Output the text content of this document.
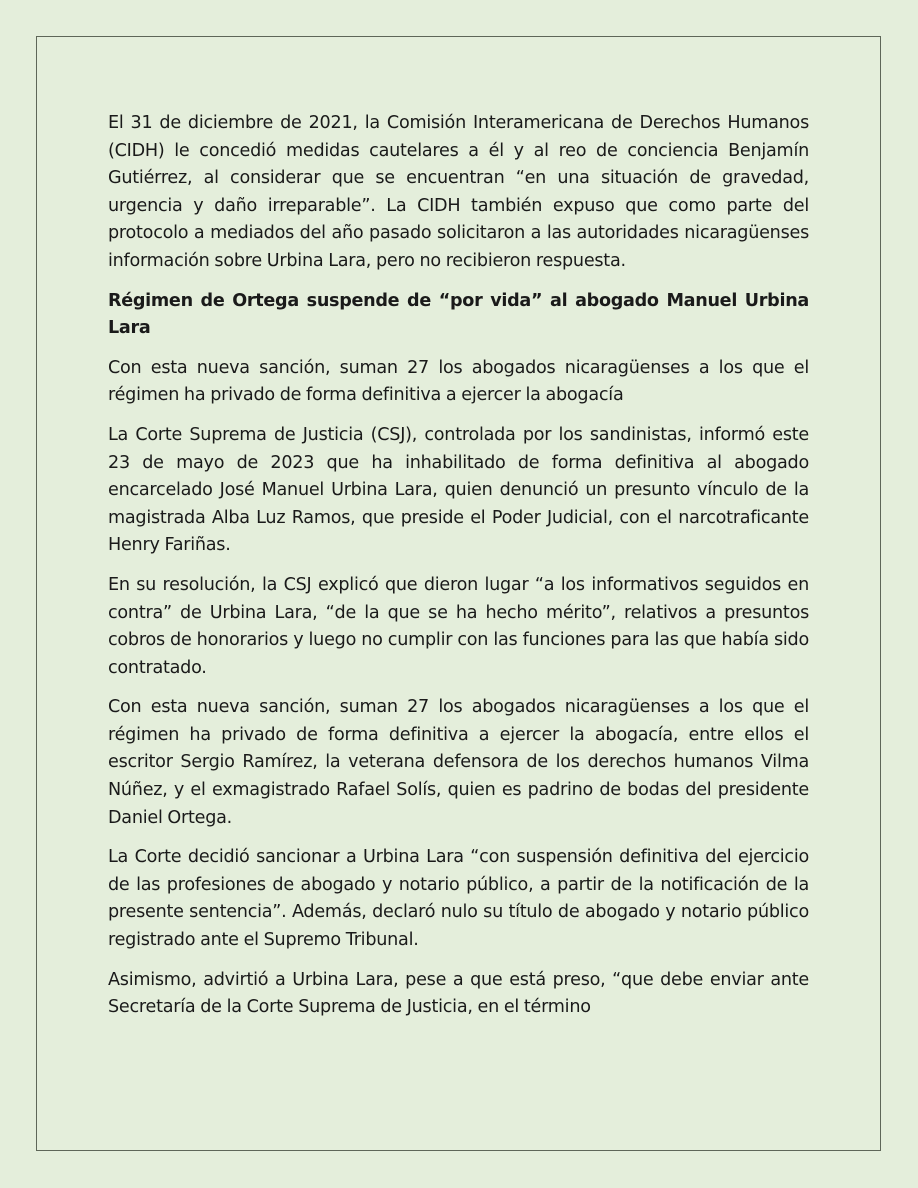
El 31 de diciembre de 2021, la Comisión Interamericana de Derechos Humanos (CIDH) le concedió medidas cautelares a él y al reo de conciencia Benjamín Gutiérrez, al considerar que se encuentran “en una situación de gravedad, urgencia y daño irreparable”. La CIDH también expuso que como parte del protocolo a mediados del año pasado solicitaron a las autoridades nicaragüenses información sobre Urbina Lara, pero no recibieron respuesta.

Régimen de Ortega suspende de “por vida” al abogado Manuel Urbina Lara

Con esta nueva sanción, suman 27 los abogados nicaragüenses a los que el régimen ha privado de forma definitiva a ejercer la abogacía

La Corte Suprema de Justicia (CSJ), controlada por los sandinistas, informó este 23 de mayo de 2023 que ha inhabilitado de forma definitiva al abogado encarcelado José Manuel Urbina Lara, quien denunció un presunto vínculo de la magistrada Alba Luz Ramos, que preside el Poder Judicial, con el narcotraficante Henry Fariñas.

En su resolución, la CSJ explicó que dieron lugar “a los informativos seguidos en contra” de Urbina Lara, “de la que se ha hecho mérito”, relativos a presuntos cobros de honorarios y luego no cumplir con las funciones para las que había sido contratado.

Con esta nueva sanción, suman 27 los abogados nicaragüenses a los que el régimen ha privado de forma definitiva a ejercer la abogacía, entre ellos el escritor Sergio Ramírez, la veterana defensora de los derechos humanos Vilma Núñez, y el exmagistrado Rafael Solís, quien es padrino de bodas del presidente Daniel Ortega.

La Corte decidió sancionar a Urbina Lara “con suspensión definitiva del ejercicio de las profesiones de abogado y notario público, a partir de la notificación de la presente sentencia”. Además, declaró nulo su título de abogado y notario público registrado ante el Supremo Tribunal.

Asimismo, advirtió a Urbina Lara, pese a que está preso, “que debe enviar ante Secretaría de la Corte Suprema de Justicia, en el término
